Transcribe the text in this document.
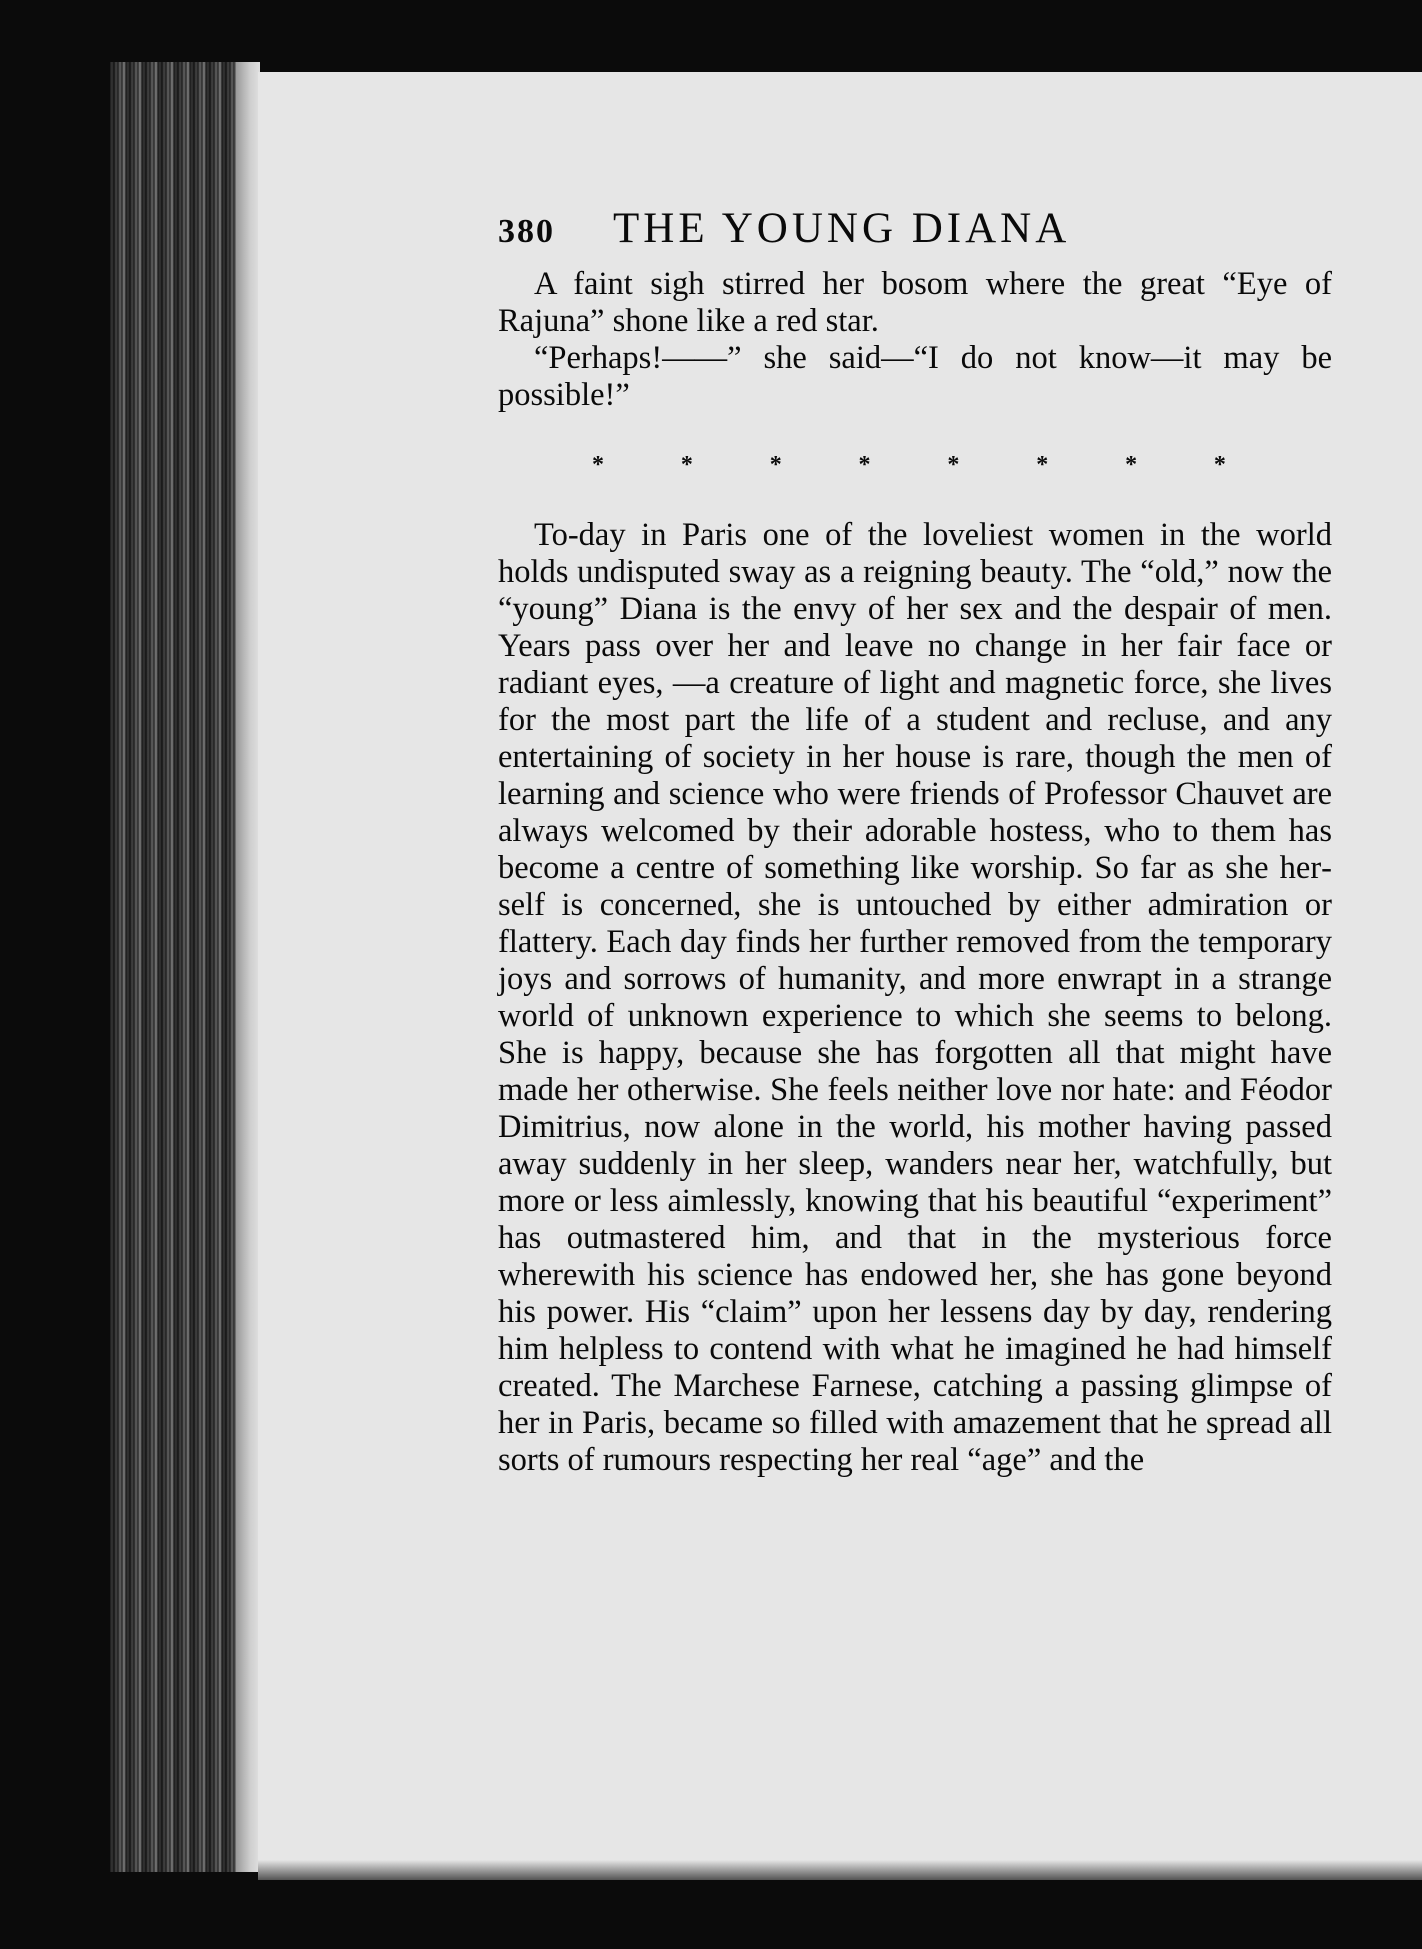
380 THE YOUNG DIANA

A faint sigh stirred her bosom where the great “Eye of Rajuna” shone like a red star.

“Perhaps!——” she said—“I do not know—it may be possible!”

*	*	*	*	*	*	*	*

To-day in Paris one of the loveliest women in the world holds undisputed sway as a reigning beauty. The “old,” now the “young” Diana is the envy of her sex and the despair of men. Years pass over her and leave no change in her fair face or radiant eyes, —a creature of light and magnetic force, she lives for the most part the life of a student and recluse, and any entertaining of society in her house is rare, though the men of learning and science who were friends of Professor Chauvet are always welcomed by their adorable hostess, who to them has become a centre of something like worship. So far as she herself is concerned, she is untouched by either admiration or flattery. Each day finds her further removed from the temporary joys and sorrows of humanity, and more enwrapt in a strange world of unknown experience to which she seems to belong. She is happy, because she has forgotten all that might have made her otherwise. She feels neither love nor hate: and Féodor Dimitrius, now alone in the world, his mother having passed away suddenly in her sleep, wanders near her, watchfully, but more or less aimlessly, knowing that his beautiful “experiment” has outmastered him, and that in the mysterious force wherewith his science has endowed her, she has gone beyond his power. His “claim” upon her lessens day by day, rendering him helpless to contend with what he imagined he had himself created. The Marchese Farnese, catching a passing glimpse of her in Paris, became so filled with amazement that he spread all sorts of rumours respecting her real “age” and the
